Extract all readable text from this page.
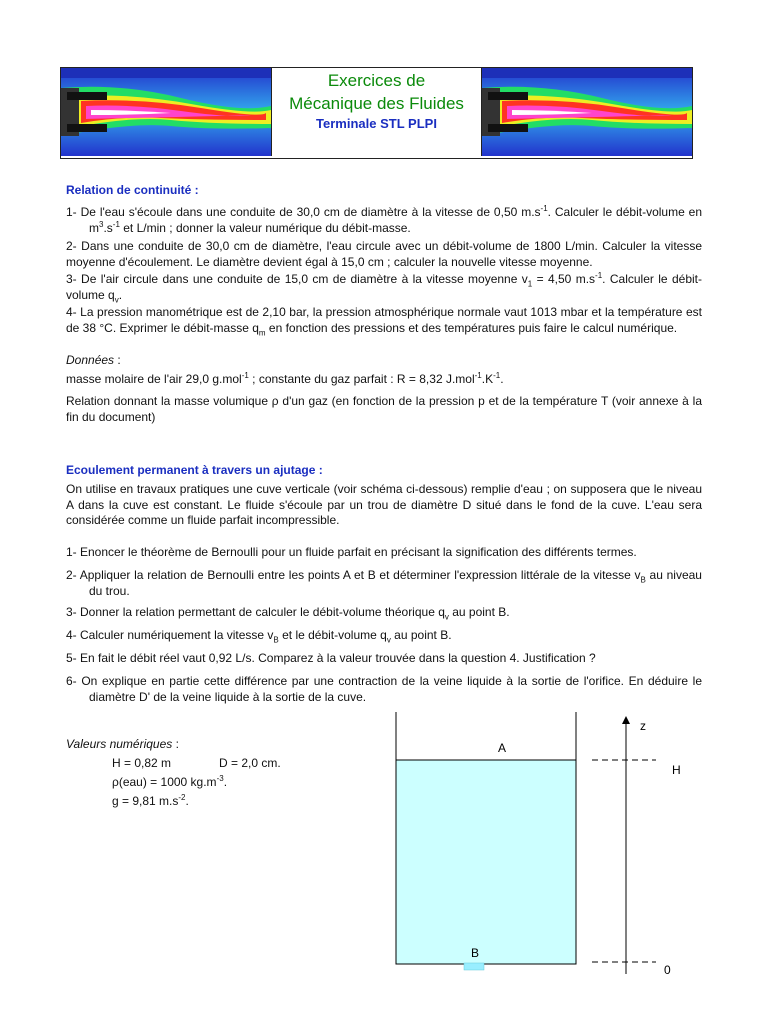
Exercices de
Mécanique des Fluides
Terminale STL PLPI
Relation de continuité :
1- De l'eau s'écoule dans une conduite de 30,0 cm de diamètre à la vitesse de 0,50 $m.s^{-1}$. Calculer le débit-volume en $m^3.s^{-1}$ et L/min ; donner la valeur numérique du débit-masse.
2- Dans une conduite de 30,0 cm de diamètre, l'eau circule avec un débit-volume de 1800 L/min. Calculer la vitesse moyenne d'écoulement. Le diamètre devient égal à 15,0 cm ; calculer la nouvelle vitesse moyenne.
3- De l'air circule dans une conduite de 15,0 cm de diamètre à la vitesse moyenne $v_1 = 4,50$ $m.s^{-1}$. Calculer le débit-volume $q_v$.
4- La pression manométrique est de 2,10 bar, la pression atmosphérique normale vaut 1013 mbar et la température est de 38 °C. Exprimer le débit-masse $q_m$ en fonction des pressions et des températures puis faire le calcul numérique.
Données :
masse molaire de l'air 29,0 g.mol$^{-1}$ ; constante du gaz parfait : R = 8,32 $J.mol^{-1}.K^{-1}$.
Relation donnant la masse volumique ρ d'un gaz (en fonction de la pression p et de la température T (voir annexe à la fin du document)
Ecoulement permanent à travers un ajutage :
On utilise en travaux pratiques une cuve verticale (voir schéma ci-dessous) remplie d'eau ; on supposera que le niveau A dans la cuve est constant. Le fluide s'écoule par un trou de diamètre D situé dans le fond de la cuve. L'eau sera considérée comme un fluide parfait incompressible.
1- Enoncer le théorème de Bernoulli pour un fluide parfait en précisant la signification des différents termes.
2- Appliquer la relation de Bernoulli entre les points A et B et déterminer l'expression littérale de la vitesse $v_B$ au niveau du trou.
3- Donner la relation permettant de calculer le débit-volume théorique $q_v$ au point B.
4- Calculer numériquement la vitesse $v_B$ et le débit-volume $q_v$ au point B.
5- En fait le débit réel vaut 0,92 L/s. Comparez à la valeur trouvée dans la question 4. Justification ?
6- On explique en partie cette différence par une contraction de la veine liquide à la sortie de l'orifice. En déduire le diamètre D' de la veine liquide à la sortie de la cuve.
Valeurs numériques :
H = 0,82 m	D = 2,0 cm.
ρ(eau) = 1000 $kg.m^{-3}$.
g = 9,81 $m.s^{-2}$.
A
B
z
H
0
